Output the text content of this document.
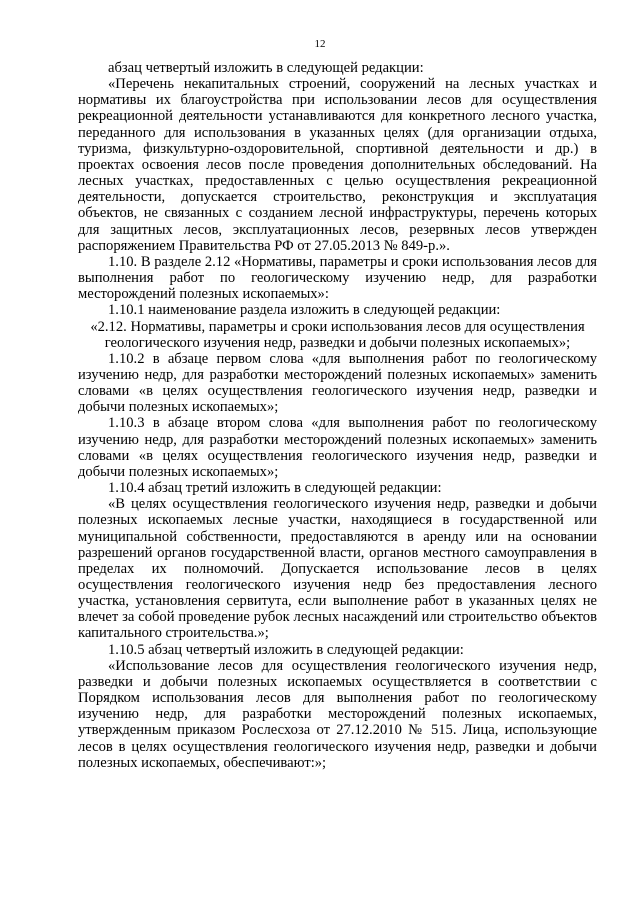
12

абзац четвертый изложить в следующей редакции:

«Перечень некапитальных строений, сооружений на лесных участках и нормативы их благоустройства при использовании лесов для осуществления рекреационной деятельности устанавливаются для конкретного лесного участка, переданного для использования в указанных целях (для организации отдыха, туризма, физкультурно-оздоровительной, спортивной деятельности и др.) в проектах освоения лесов после проведения дополнительных обследований. На лесных участках, предоставленных с целью осуществления рекреационной деятельности, допускается строительство, реконструкция и эксплуатация объектов, не связанных с созданием лесной инфраструктуры, перечень которых для защитных лесов, эксплуатационных лесов, резервных лесов утвержден распоряжением Правительства РФ от 27.05.2013 № 849-р.».

1.10. В разделе 2.12 «Нормативы, параметры и сроки использования лесов для выполнения работ по геологическому изучению недр, для разработки месторождений полезных ископаемых»:

1.10.1 наименование раздела изложить в следующей редакции:

«2.12. Нормативы, параметры и сроки использования лесов для осуществления геологического изучения недр, разведки и добычи полезных ископаемых»;

1.10.2 в абзаце первом слова «для выполнения работ по геологическому изучению недр, для разработки месторождений полезных ископаемых» заменить словами «в целях осуществления геологического изучения недр, разведки и добычи полезных ископаемых»;

1.10.3 в абзаце втором слова «для выполнения работ по геологическому изучению недр, для разработки месторождений полезных ископаемых» заменить словами «в целях осуществления геологического изучения недр, разведки и добычи полезных ископаемых»;

1.10.4 абзац третий изложить в следующей редакции:

«В целях осуществления геологического изучения недр, разведки и добычи полезных ископаемых лесные участки, находящиеся в государственной или муниципальной собственности, предоставляются в аренду или на основании разрешений органов государственной власти, органов местного самоуправления в пределах их полномочий. Допускается использование лесов в целях осуществления геологического изучения недр без предоставления лесного участка, установления сервитута, если выполнение работ в указанных целях не влечет за собой проведение рубок лесных насаждений или строительство объектов капитального строительства.»;

1.10.5 абзац четвертый изложить в следующей редакции:

«Использование лесов для осуществления геологического изучения недр, разведки и добычи полезных ископаемых осуществляется в соответствии с Порядком использования лесов для выполнения работ по геологическому изучению недр, для разработки месторождений полезных ископаемых, утвержденным приказом Рослесхоза от 27.12.2010 № 515. Лица, использующие лесов в целях осуществления геологического изучения недр, разведки и добычи полезных ископаемых, обеспечивают:»;
